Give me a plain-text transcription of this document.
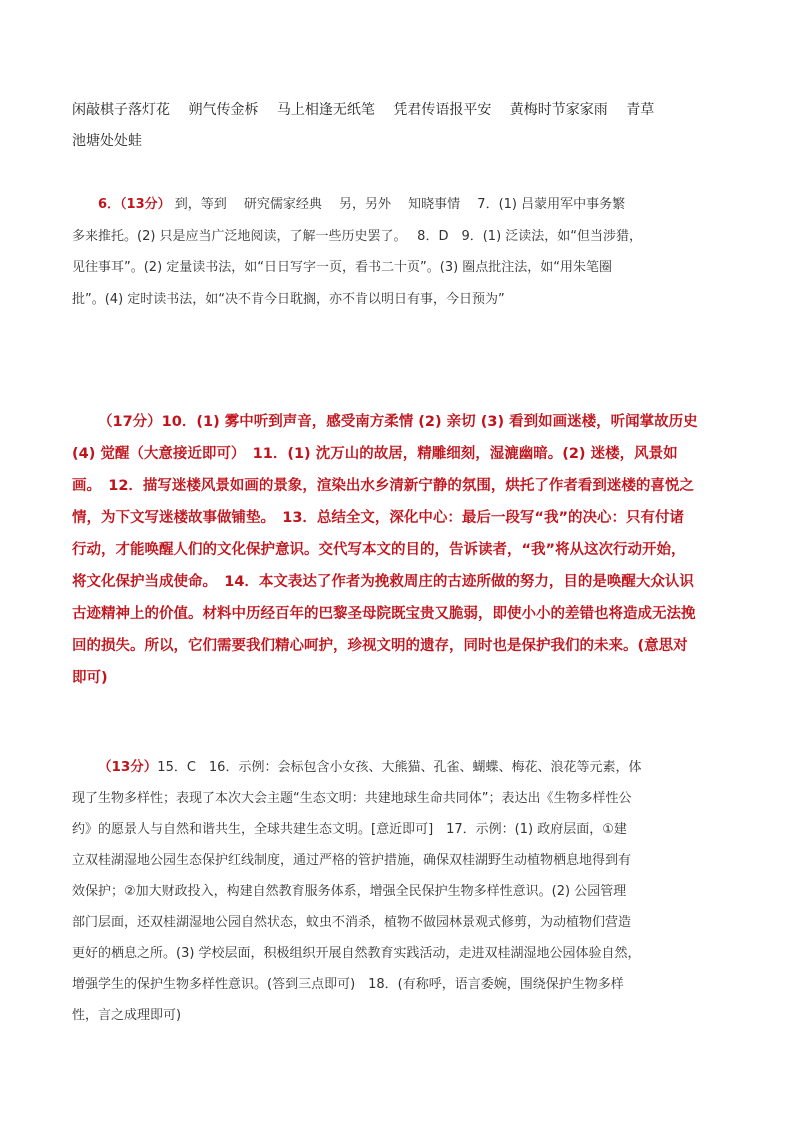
闲敲棋子落灯花　 朔气传金柝　 马上相逢无纸笔　 凭君传语报平安　 黄梅时节家家雨　 青草
池塘处处蛙
6．（13分） 到，等到　 研究儒家经典　 另，另外　 知晓事情　 7．(1) 吕蒙用军中事务繁
多来推托。(2) 只是应当广泛地阅读，了解一些历史罢了。　 8．D　9．(1) 泛读法，如“但当涉猎，
见往事耳”。(2) 定量读书法，如“日日写字一页，看书二十页”。(3) 圈点批注法，如“用朱笔圈
批”。(4) 定时读书法，如“决不肯今日耽搁，亦不肯以明日有事，今日预为”
（17分）10．(1) 雾中听到声音，感受南方柔情 (2) 亲切 (3) 看到如画迷楼，听闻掌故历史
(4) 觉醒（大意接近即可）　11．(1) 沈万山的故居，精雕细刻，湿漉幽暗。(2) 迷楼，风景如
画。　12．描写迷楼风景如画的景象，渲染出水乡清新宁静的氛围，烘托了作者看到迷楼的喜悦之
情，为下文写迷楼故事做铺垫。　13．总结全文，深化中心：最后一段写“我”的决心：只有付诸
行动，才能唤醒人们的文化保护意识。交代写本文的目的，告诉读者，“我”将从这次行动开始，
将文化保护当成使命。　14．本文表达了作者为挽救周庄的古迹所做的努力，目的是唤醒大众认识
古迹精神上的价值。材料中历经百年的巴黎圣母院既宝贵又脆弱，即使小小的差错也将造成无法挽
回的损失。所以，它们需要我们精心呵护，珍视文明的遗存，同时也是保护我们的未来。(意思对
即可)
（13分）15．C　16．示例：会标包含小女孩、大熊猫、孔雀、蝴蝶、梅花、浪花等元素，体
现了生物多样性；表现了本次大会主题“生态文明：共建地球生命共同体”；表达出《生物多样性公
约》的愿景人与自然和谐共生，全球共建生态文明。[意近即可]　17．示例：(1) 政府层面，①建
立双桂湖湿地公园生态保护红线制度，通过严格的管护措施，确保双桂湖野生动植物栖息地得到有
效保护；②加大财政投入，构建自然教育服务体系，增强全民保护生物多样性意识。(2) 公园管理
部门层面，还双桂湖湿地公园自然状态，蚊虫不消杀，植物不做园林景观式修剪，为动植物们营造
更好的栖息之所。(3) 学校层面，积极组织开展自然教育实践活动，走进双桂湖湿地公园体验自然，
增强学生的保护生物多样性意识。(答到三点即可)　18．(有称呼，语言委婉，围绕保护生物多样
性，言之成理即可)
